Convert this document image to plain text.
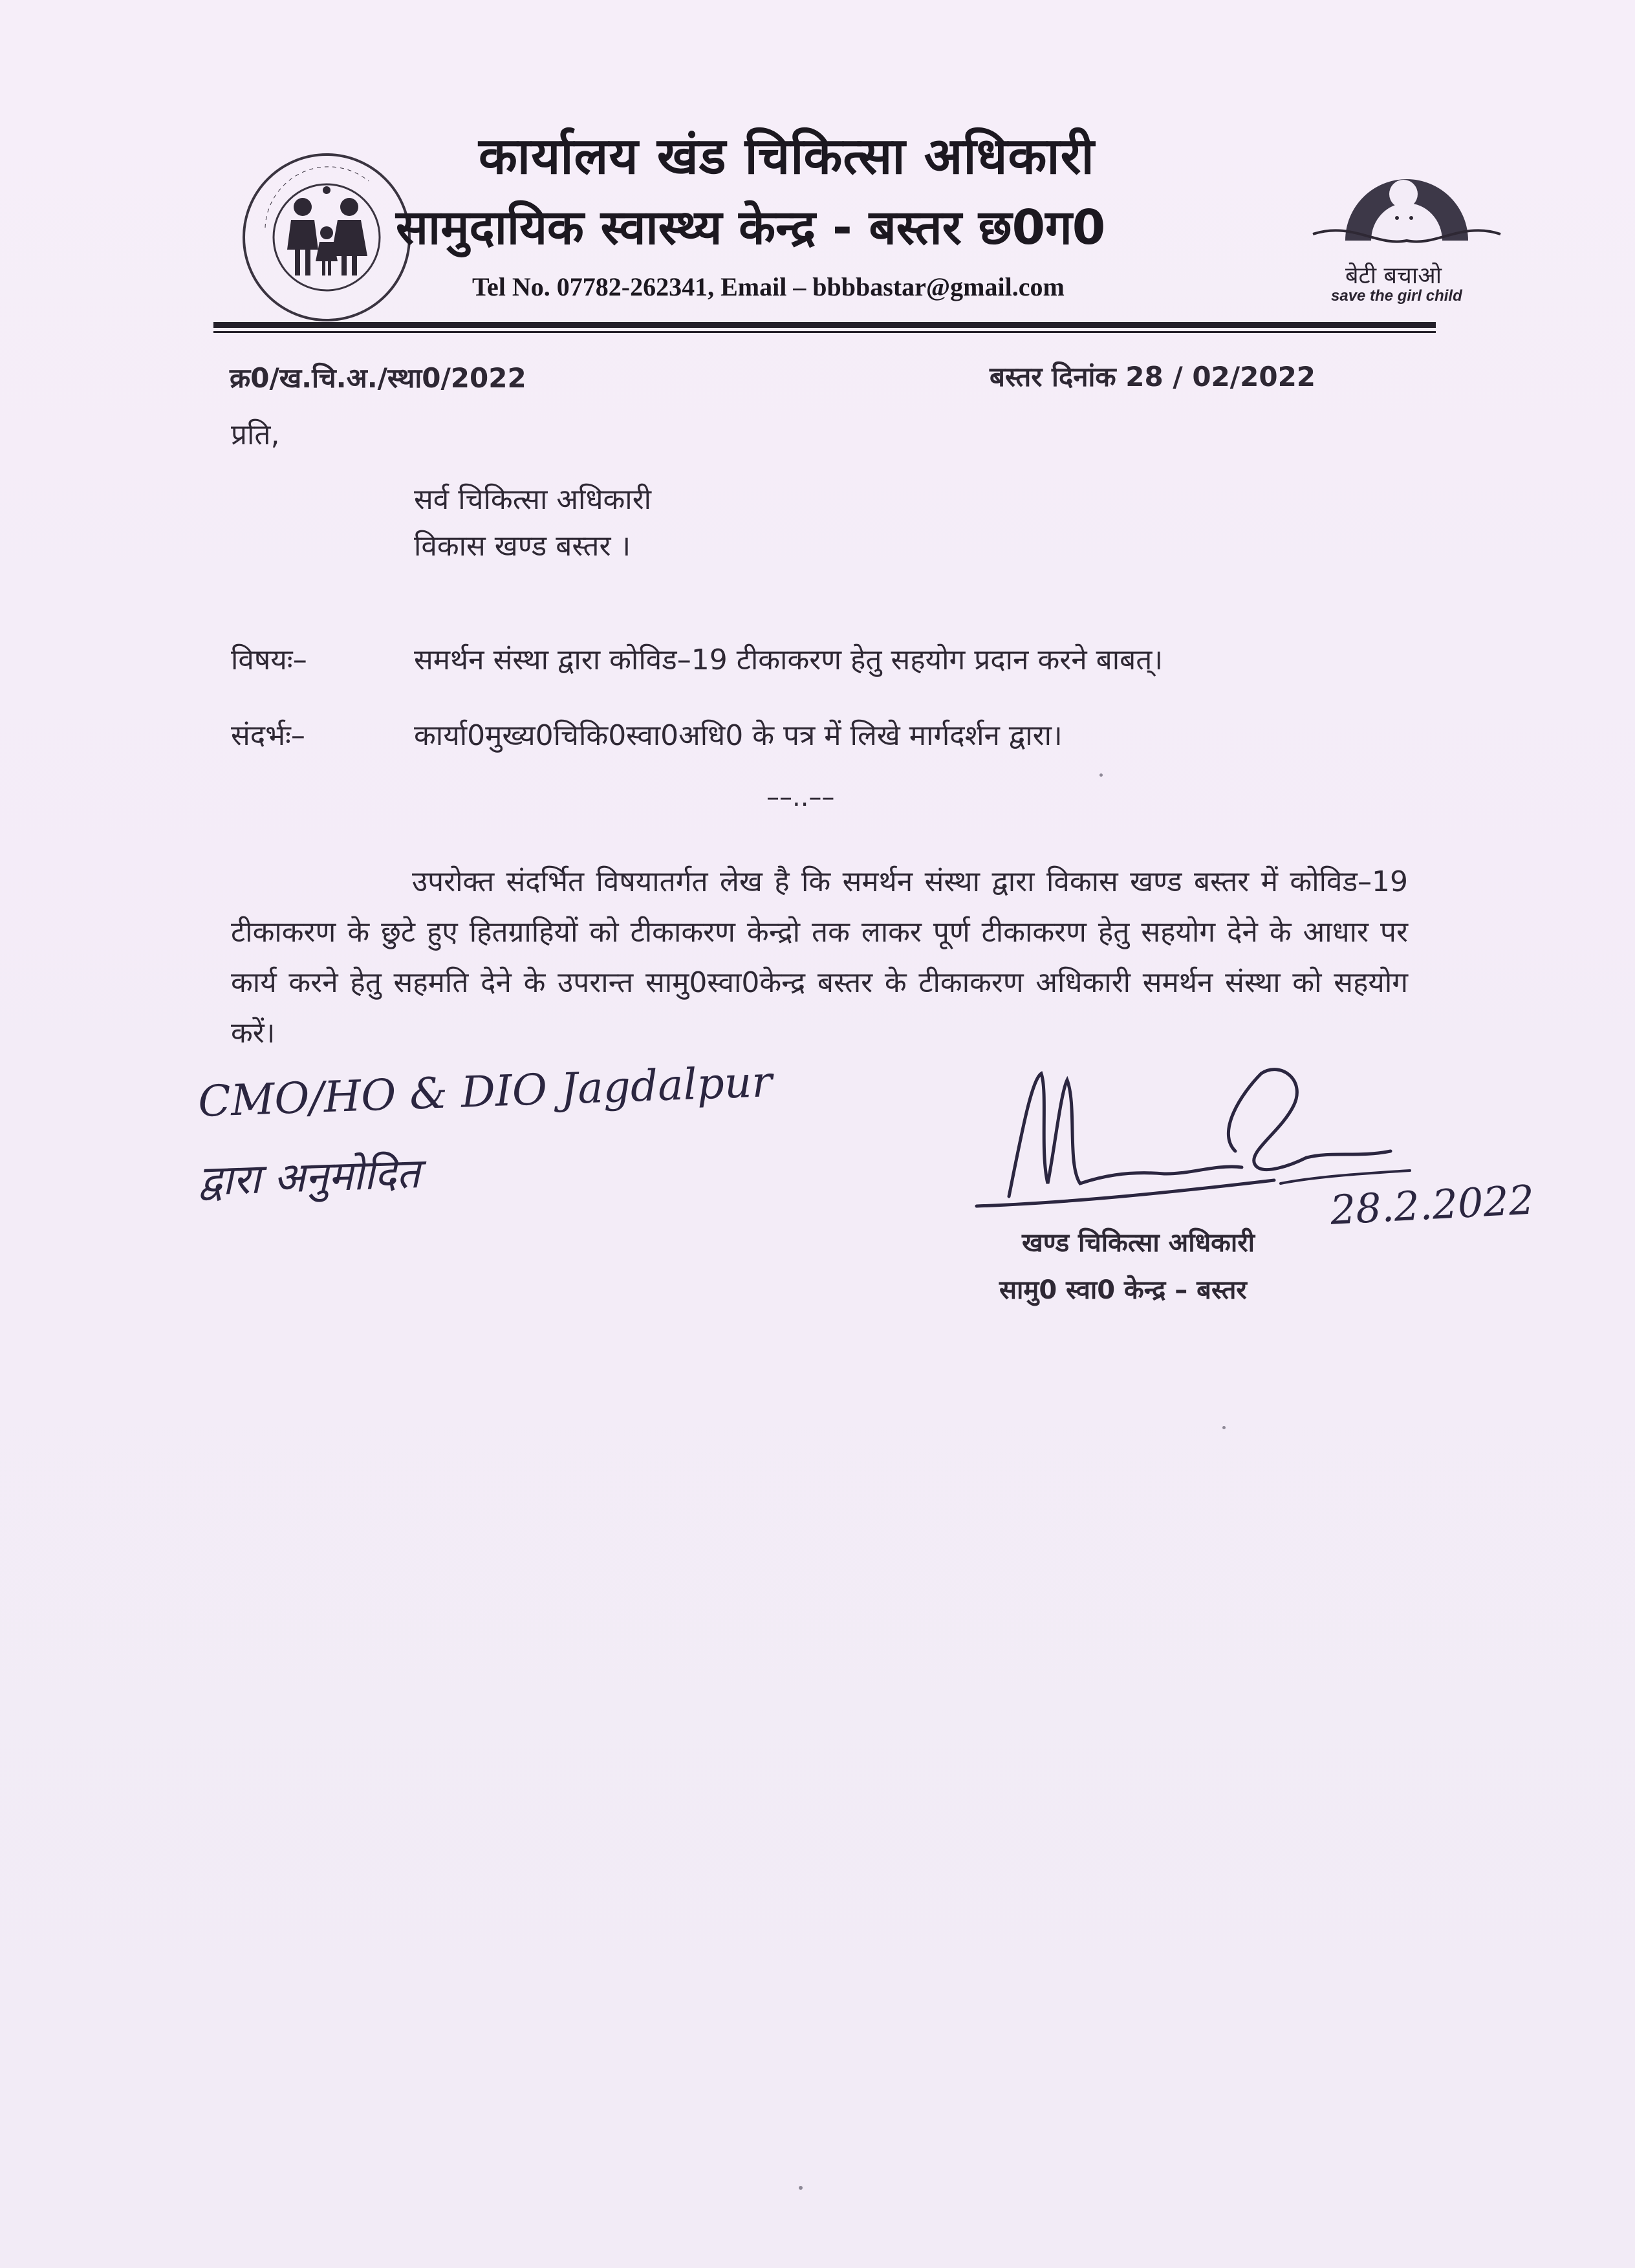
कार्यालय खंड चिकित्सा अधिकारी
सामुदायिक स्वास्थ्य केन्द्र - बस्तर छ0ग0
Tel No. 07782-262341, Email – bbbbastar@gmail.com	बेटी बचाओ
save the girl child
क्र0/ख.चि.अ./स्था0/2022	बस्तर दिनांक 28 / 02/2022
प्रति,
सर्व चिकित्सा अधिकारी
विकास खण्ड बस्तर ।
विषयः–	समर्थन संस्था द्वारा कोविड–19 टीकाकरण हेतु सहयोग प्रदान करने बाबत्।
संदर्भः–	कार्या0मुख्य0चिकि0स्वा0अधि0 के पत्र में लिखे मार्गदर्शन द्वारा।
––..––
उपरोक्त संदर्भित विषयातर्गत लेख है कि समर्थन संस्था द्वारा विकास खण्ड बस्तर में कोविड–19 टीकाकरण के छुटे हुए हितग्राहियों को टीकाकरण केन्द्रो तक लाकर पूर्ण टीकाकरण हेतु सहयोग देने के आधार पर कार्य करने हेतु सहमति देने के उपरान्त सामु0स्वा0केन्द्र बस्तर के टीकाकरण अधिकारी समर्थन संस्था को सहयोग करें।
CMO/HO & DIO Jagdalpur
द्वारा अनुमोदित	28.2.2022
खण्ड चिकित्सा अधिकारी
सामु0 स्वा0 केन्द्र – बस्तर
